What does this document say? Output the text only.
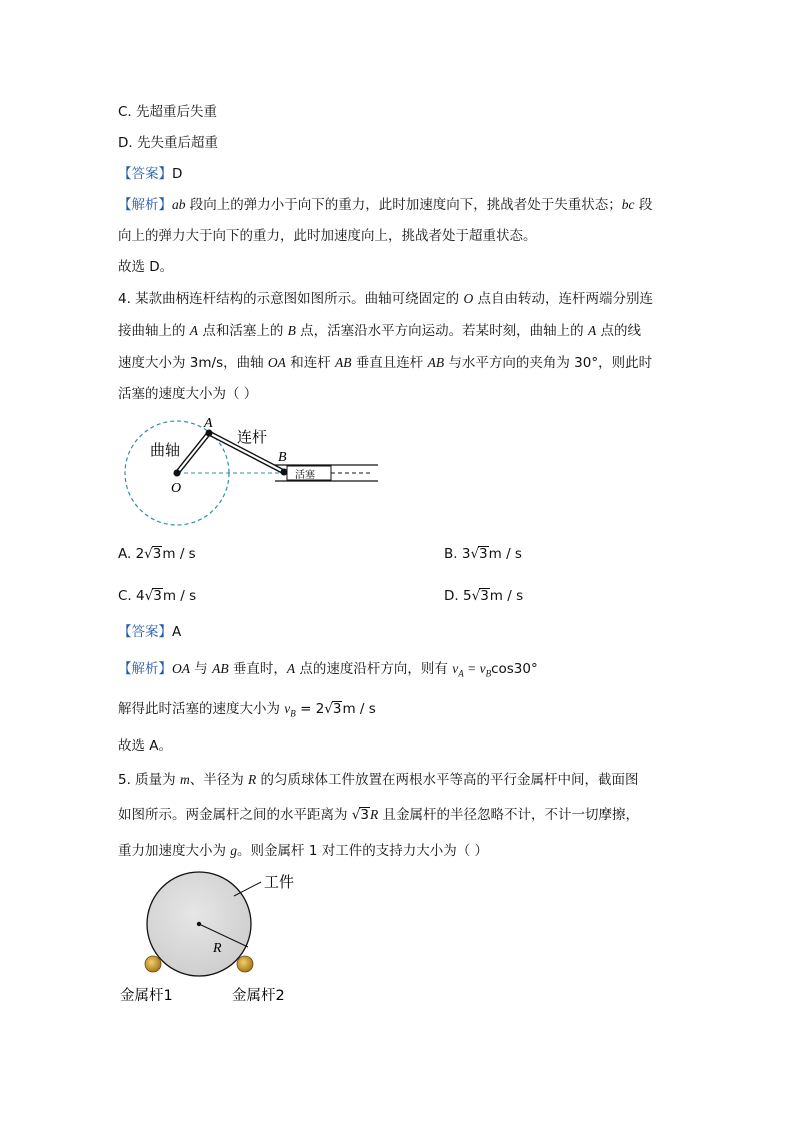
C. 先超重后失重
D. 先失重后超重
【答案】D
【解析】ab 段向上的弹力小于向下的重力，此时加速度向下，挑战者处于失重状态；bc 段
向上的弹力大于向下的重力，此时加速度向上，挑战者处于超重状态。
故选 D。
4. 某款曲柄连杆结构的示意图如图所示。曲轴可绕固定的 O 点自由转动，连杆两端分别连
接曲轴上的 A 点和活塞上的 B 点，活塞沿水平方向运动。若某时刻，曲轴上的 A 点的线
速度大小为 3m/s，曲轴 OA 和连杆 AB 垂直且连杆 AB 与水平方向的夹角为 30°，则此时
活塞的速度大小为（ ）
曲轴
连杆
A
B
O
活塞
A. 2√3m / s	B. 3√3m / s
C. 4√3m / s	D. 5√3m / s
【答案】A
【解析】OA 与 AB 垂直时，A 点的速度沿杆方向，则有 $v_A = v_B\cos 30^\circ$
解得此时活塞的速度大小为 $v_B = 2√3m / s$
故选 A。
5. 质量为 m、半径为 R 的匀质球体工件放置在两根水平等高的平行金属杆中间，截面图
如图所示。两金属杆之间的水平距离为 √3R 且金属杆的半径忽略不计，不计一切摩擦，
重力加速度大小为 g。则金属杆 1 对工件的支持力大小为（ ）
工件
R
金属杆1	金属杆2
